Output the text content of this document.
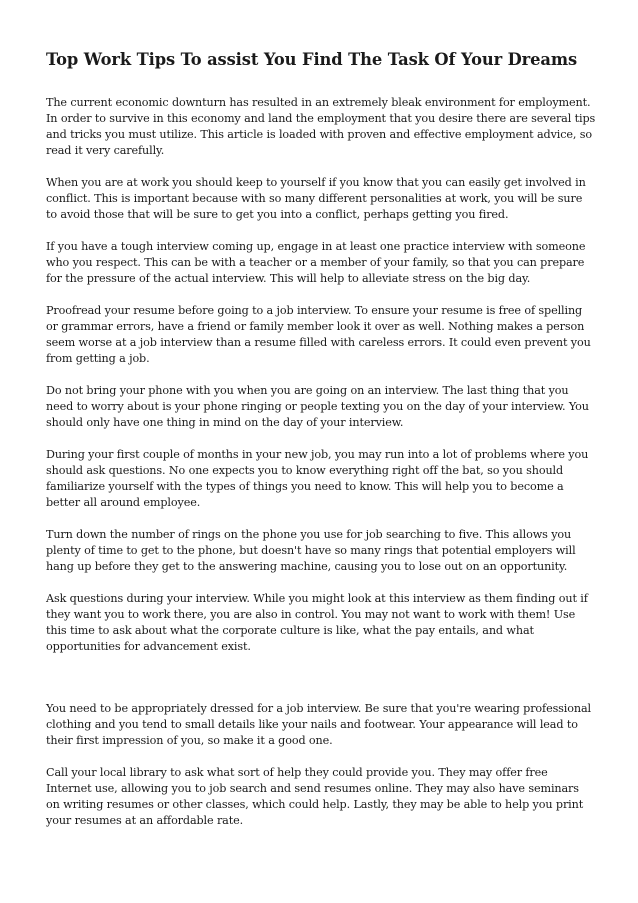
Top Work Tips To assist You Find The Task Of Your Dreams

The current economic downturn has resulted in an extremely bleak environment for employment. In order to survive in this economy and land the employment that you desire there are several tips and tricks you must utilize. This article is loaded with proven and effective employment advice, so read it very carefully.

When you are at work you should keep to yourself if you know that you can easily get involved in conflict. This is important because with so many different personalities at work, you will be sure to avoid those that will be sure to get you into a conflict, perhaps getting you fired.

If you have a tough interview coming up, engage in at least one practice interview with someone who you respect. This can be with a teacher or a member of your family, so that you can prepare for the pressure of the actual interview. This will help to alleviate stress on the big day.

Proofread your resume before going to a job interview. To ensure your resume is free of spelling or grammar errors, have a friend or family member look it over as well. Nothing makes a person seem worse at a job interview than a resume filled with careless errors. It could even prevent you from getting a job.

Do not bring your phone with you when you are going on an interview. The last thing that you need to worry about is your phone ringing or people texting you on the day of your interview. You should only have one thing in mind on the day of your interview.

During your first couple of months in your new job, you may run into a lot of problems where you should ask questions. No one expects you to know everything right off the bat, so you should familiarize yourself with the types of things you need to know. This will help you to become a better all around employee.

Turn down the number of rings on the phone you use for job searching to five. This allows you plenty of time to get to the phone, but doesn't have so many rings that potential employers will hang up before they get to the answering machine, causing you to lose out on an opportunity.

Ask questions during your interview. While you might look at this interview as them finding out if they want you to work there, you are also in control. You may not want to work with them! Use this time to ask about what the corporate culture is like, what the pay entails, and what opportunities for advancement exist.

You need to be appropriately dressed for a job interview. Be sure that you're wearing professional clothing and you tend to small details like your nails and footwear. Your appearance will lead to their first impression of you, so make it a good one.

Call your local library to ask what sort of help they could provide you. They may offer free Internet use, allowing you to job search and send resumes online. They may also have seminars on writing resumes or other classes, which could help. Lastly, they may be able to help you print your resumes at an affordable rate.
